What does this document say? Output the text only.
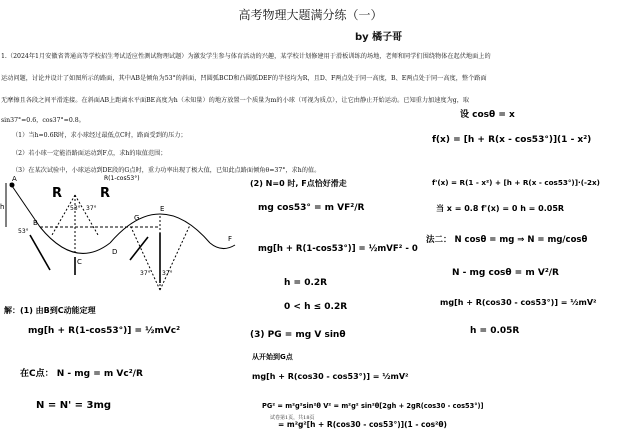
高考物理大题满分练（一）
by 橘子哥
1.（2024年1月安徽省普通高等学校招生考试适应性测试物理试题）为激发学生参与体育活动的兴趣，某学校计划修建用于滑板训练的场地，老师和同学们围绕物体在起伏地面上的
运动问题，讨论并设计了如图所示的路面，其中AB是倾角为53°的斜面，凹圆弧BCD和凸圆弧DEF的半径均为R，且D、F两点处于同一高度，B、E两点处于同一高度，整个路面
无摩擦且各段之间平滑连接。在斜面AB上距离水平面BE高度为h（未知量）的地方放置一个质量为m的小球（可视为质点），让它由静止开始运动。已知重力加速度为g，取
sin37°=0.6，cos37°=0.8。
（1）当h=0.6R时，求小球经过最低点C时，路面受到的压力；
（2）若小球一定能沿路面运动到F点，求h的取值范围；
（3）在某次试验中，小球运动到DE段的G点时，重力功率出现了极大值，已知此点路面倾角θ=37°，求h的值。
A
h
B
C
D
E
F
G
53° 37°
37° 37°
53°
R	R
R(1-cos53°)
解：(1) 由B到C动能定理
mg[h + R(1-cos53°)] = ½mVc²
在C点： N - mg = m Vc²/R
N = N' = 3mg
(2) N=0 时, F点恰好滑走
mg cos53° = m VF²/R
mg[h + R(1-cos53°)] = ½mVF² - 0
h = 0.2R
0 < h ≤ 0.2R
(3) PG = mg V sinθ
从开始到G点
mg[h + R(cos30 - cos53°)] = ½mV²
PG² = m²g²sin²θ V² = m²g² sin²θ[2gh + 2gR(cos30 - cos53°)]
= m²g²[h + R(cos30 - cos53°)](1 - cos²θ)
设 cosθ = x
f(x) = [h + R(x - cos53°)](1 - x²)
f'(x) = R(1 - x²) + [h + R(x - cos53°)]·(-2x)
当 x = 0.8 f'(x) = 0 h = 0.05R
法二： N cosθ = mg ⇒ N = mg/cosθ
N - mg cosθ = m V²/R
mg[h + R(cos30 - cos53°)] = ½mV²
h = 0.05R
试卷第1页，共18页
